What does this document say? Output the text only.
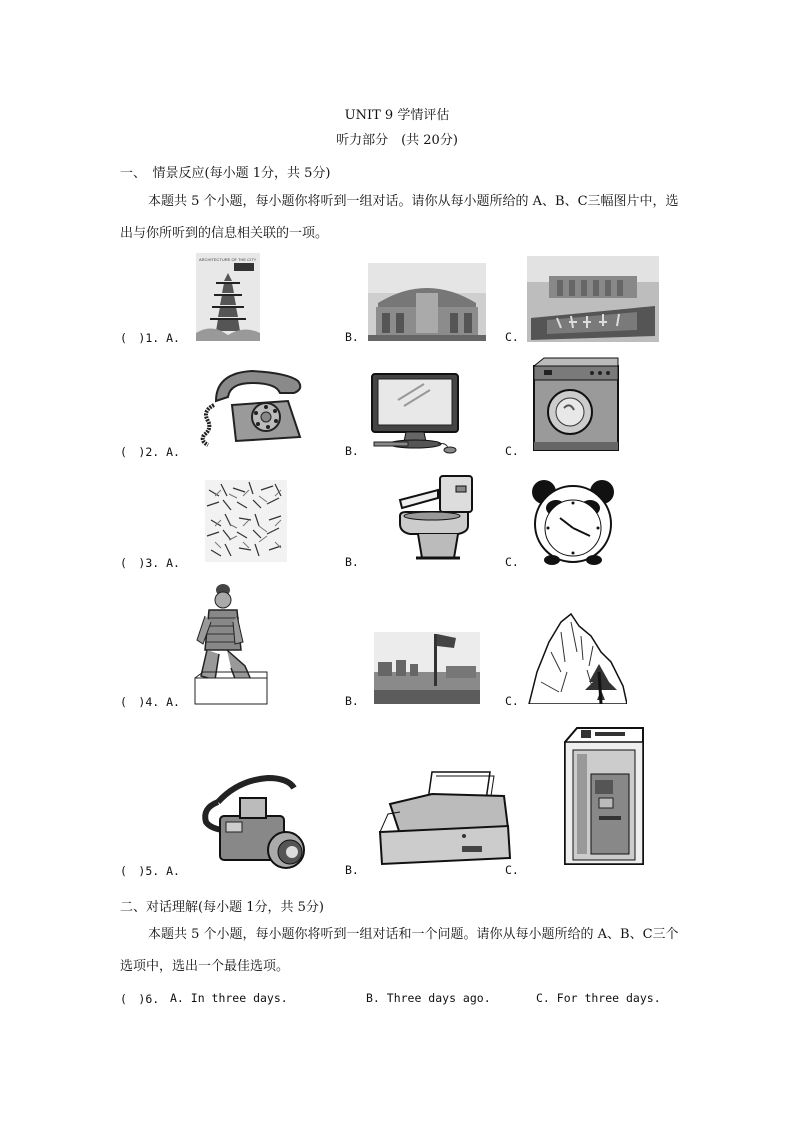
UNIT 9 学情评估
听力部分　(共 20分)
一、　情景反应(每小题 1分，共 5分)
本题共 5 个小题，每小题你将听到一组对话。请你从每小题所给的 A、B、C三幅图片中，选出与你所听到的信息相关联的一项。
(　)1. A.
ARCHITECTURE OF THE CITY
B.	C.
(　)2. A.	B.	C.
(　)3. A.	B.	C.
(　)4. A.	B.	C.
(　)5. A.	B.	C.
二、对话理解(每小题 1分，共 5分)
本题共 5 个小题，每小题你将听到一组对话和一个问题。请你从每小题所给的 A、B、C三个选项中，选出一个最佳选项。
(　)6. A. In three days.	B. Three days ago.	C. For three days.
